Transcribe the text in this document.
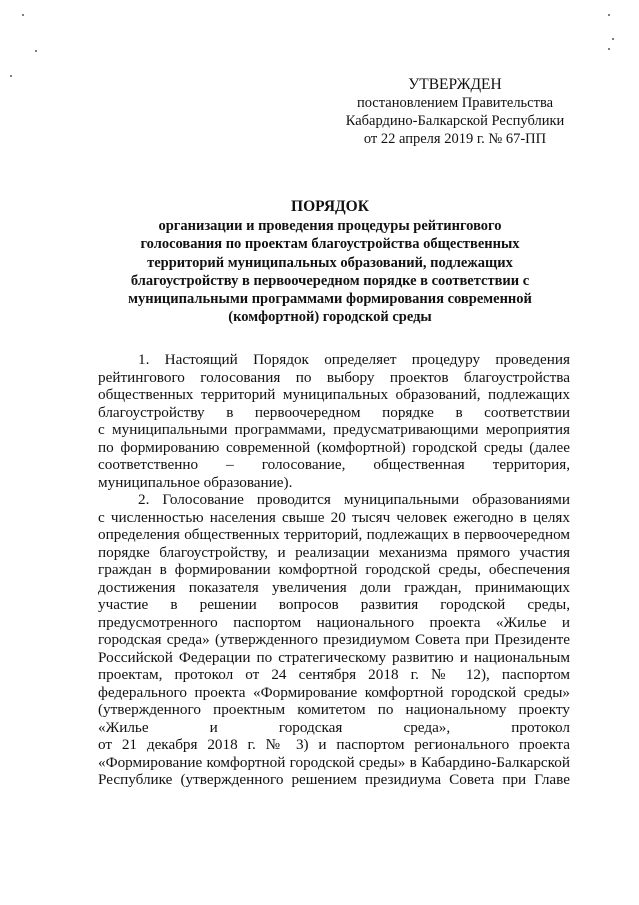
УТВЕРЖДЕН
постановлением Правительства
Кабардино-Балкарской Республики
от 22 апреля 2019 г. № 67-ПП
ПОРЯДОК
организации и проведения процедуры рейтингового
голосования по проектам благоустройства общественных
территорий муниципальных образований, подлежащих
благоустройству в первоочередном порядке в соответствии с
муниципальными программами формирования современной
(комфортной) городской среды
1. Настоящий Порядок определяет процедуру проведения
рейтингового голосования по выбору проектов благоустройства
общественных территорий муниципальных образований, подлежащих
благоустройству в первоочередном порядке в соответствии
с муниципальными программами, предусматривающими мероприятия
по формированию современной (комфортной) городской среды (далее
соответственно – голосование, общественная территория,
муниципальное образование).
2. Голосование проводится муниципальными образованиями
с численностью населения свыше 20 тысяч человек ежегодно в целях
определения общественных территорий, подлежащих в первоочередном
порядке благоустройству, и реализации механизма прямого участия
граждан в формировании комфортной городской среды, обеспечения
достижения показателя увеличения доли граждан, принимающих
участие в решении вопросов развития городской среды,
предусмотренного паспортом национального проекта «Жилье и
городская среда» (утвержденного президиумом Совета при Президенте
Российской Федерации по стратегическому развитию и национальным
проектам, протокол от 24 сентября 2018 г. № 12), паспортом
федерального проекта «Формирование комфортной городской среды»
(утвержденного проектным комитетом по национальному проекту
«Жилье и городская среда», протокол
от 21 декабря 2018 г. № 3) и паспортом регионального проекта
«Формирование комфортной городской среды» в Кабардино-Балкарской
Республике (утвержденного решением президиума Совета при Главе
